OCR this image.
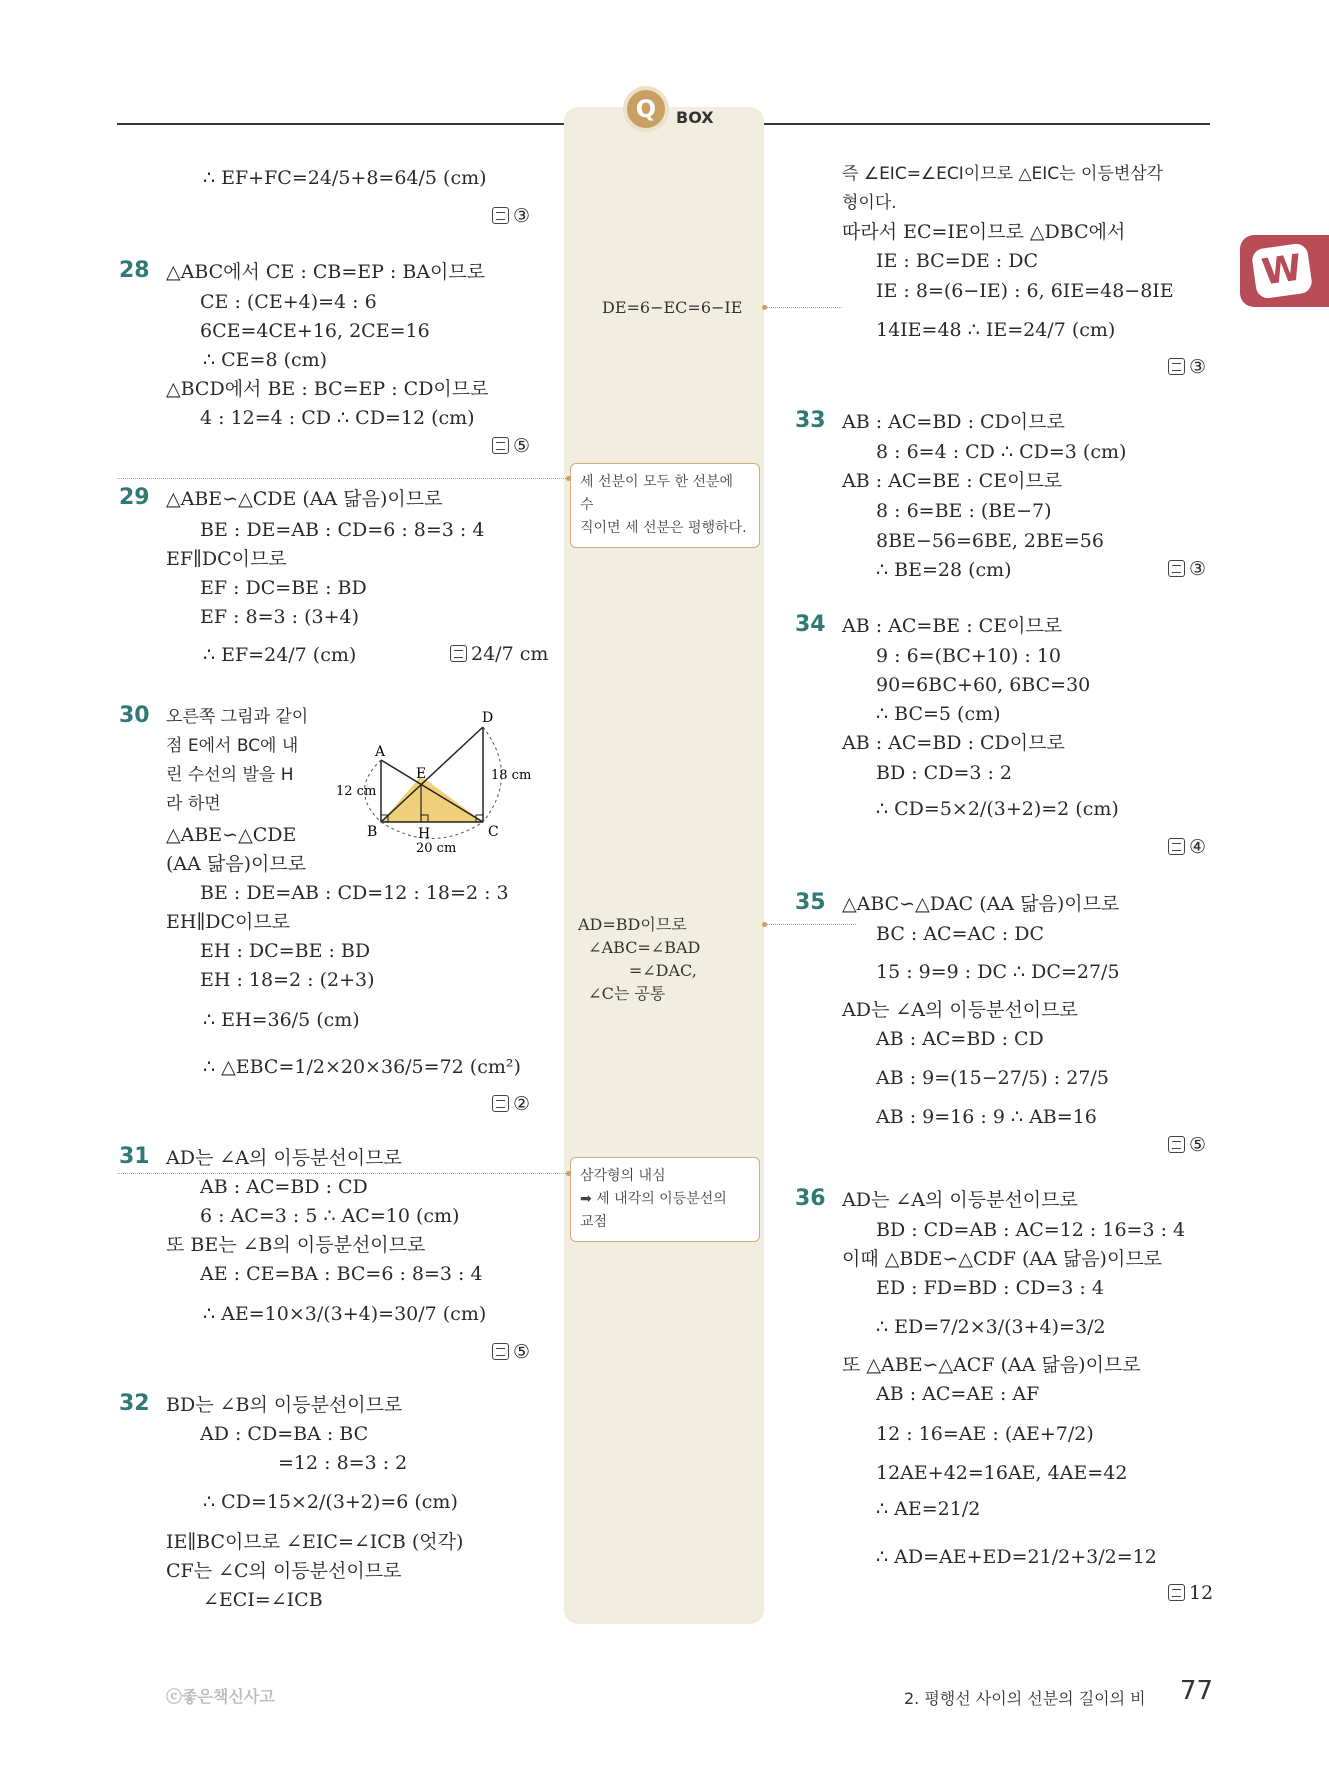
Q	BOX
W
∴ EF+FC=24/5+8=64/5 (cm)
③
28 △ABC에서 CE : CB=EP : BA이므로
CE : (CE+4)=4 : 6
6CE=4CE+16, 2CE=16
∴ CE=8 (cm)
△BCD에서 BE : BC=EP : CD이므로
4 : 12=4 : CD ∴ CD=12 (cm)
⑤
29 △ABE∽△CDE (AA 닮음)이므로
BE : DE=AB : CD=6 : 8=3 : 4
EF∥DC이므로
EF : DC=BE : BD
EF : 8=3 : (3+4)
∴ EF=24/7 (cm)	24/7 cm
30 오른쪽 그림과 같이
점 E에서 BC에 내
린 수선의 발을 H
라 하면
△ABE∽△CDE
(AA 닮음)이므로
BE : DE=AB : CD=12 : 18=2 : 3
EH∥DC이므로
EH : DC=BE : BD
EH : 18=2 : (2+3)
∴ EH=36/5 (cm)
∴ △EBC=1/2×20×36/5=72 (cm²)
②
31 AD는 ∠A의 이등분선이므로
AB : AC=BD : CD
6 : AC=3 : 5 ∴ AC=10 (cm)
또 BE는 ∠B의 이등분선이므로
AE : CE=BA : BC=6 : 8=3 : 4
∴ AE=10×3/(3+4)=30/7 (cm)
⑤
32 BD는 ∠B의 이등분선이므로
AD : CD=BA : BC
=12 : 8=3 : 2
∴ CD=15×2/(3+2)=6 (cm)
IE∥BC이므로 ∠EIC=∠ICB (엇각)
CF는 ∠C의 이등분선이므로
∠ECI=∠ICB
즉 ∠EIC=∠ECI이므로 △EIC는 이등변삼각
형이다.
따라서 EC=IE이므로 △DBC에서
IE : BC=DE : DC
IE : 8=(6−IE) : 6, 6IE=48−8IE
14IE=48 ∴ IE=24/7 (cm)
③
33 AB : AC=BD : CD이므로
8 : 6=4 : CD ∴ CD=3 (cm)
AB : AC=BE : CE이므로
8 : 6=BE : (BE−7)
8BE−56=6BE, 2BE=56
∴ BE=28 (cm)	③
34 AB : AC=BE : CE이므로
9 : 6=(BC+10) : 10
90=6BC+60, 6BC=30
∴ BC=5 (cm)
AB : AC=BD : CD이므로
BD : CD=3 : 2
∴ CD=5×2/(3+2)=2 (cm)
④
35 △ABC∽△DAC (AA 닮음)이므로
BC : AC=AC : DC
15 : 9=9 : DC ∴ DC=27/5
AD는 ∠A의 이등분선이므로
AB : AC=BD : CD
AB : 9=(15−27/5) : 27/5
AB : 9=16 : 9 ∴ AB=16
⑤
36 AD는 ∠A의 이등분선이므로
BD : CD=AB : AC=12 : 16=3 : 4
이때 △BDE∽△CDF (AA 닮음)이므로
ED : FD=BD : CD=3 : 4
∴ ED=7/2×3/(3+4)=3/2
또 △ABE∽△ACF (AA 닮음)이므로
AB : AC=AE : AF
12 : 16=AE : (AE+7/2)
12AE+42=16AE, 4AE=42
∴ AE=21/2
∴ AD=AE+ED=21/2+3/2=12
12
A
B	C
D
E
H
12 cm
18 cm
20 cm
DE=6−EC=6−IE
세 선분이 모두 한 선분에 수
직이면 세 선분은 평행하다.
AD=BD이므로
∠ABC=∠BAD
=∠DAC,
∠C는 공통
삼각형의 내심
➡ 세 내각의 이등분선의
교점
ⓒ좋은책신사고	2. 평행선 사이의 선분의 길이의 비 77
